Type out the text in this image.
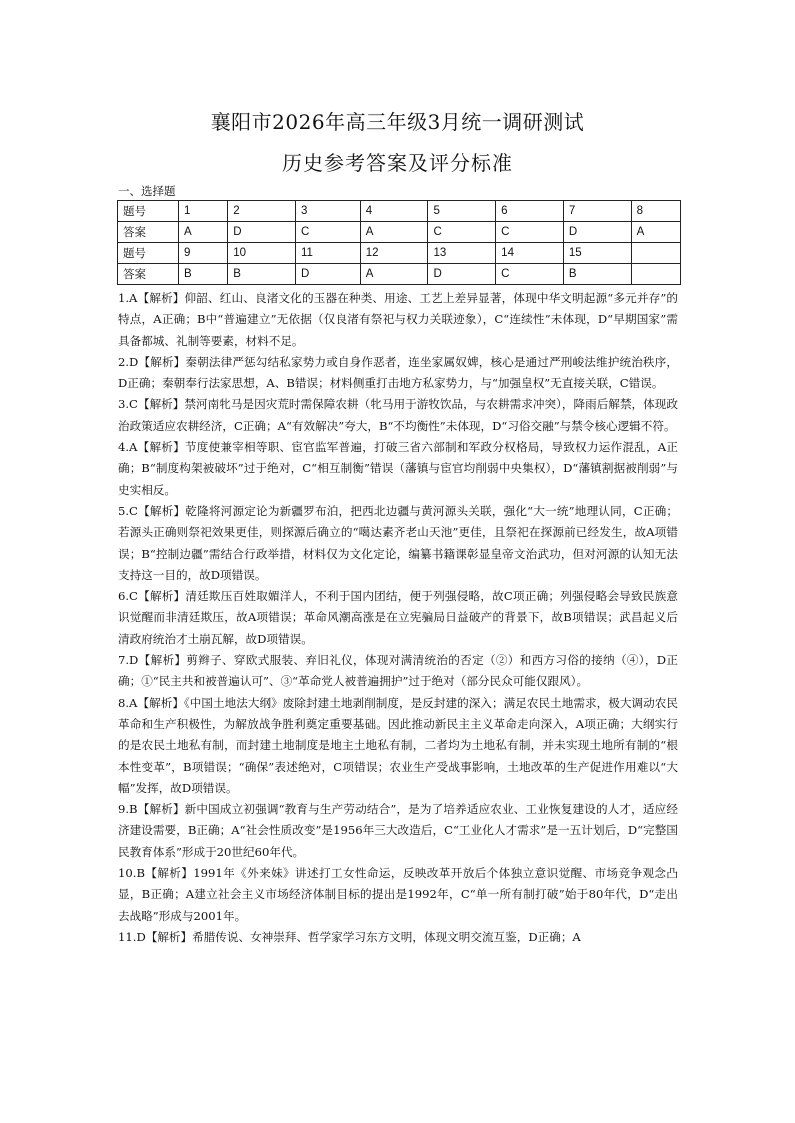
襄阳市2026年高三年级3月统一调研测试
历史参考答案及评分标准
一、选择题
题号	1	2	3	4	5	6	7	8
答案	A	D	C	A	C	C	D	A
题号	9	10	11	12	13	14	15	
答案	B	B	D	A	D	C	B	

1.A【解析】仰韶、红山、良渚文化的玉器在种类、用途、工艺上差异显著，体现中华文明起源“多元并存”的特点，A正确；B中“普遍建立”无依据（仅良渚有祭祀与权力关联迹象），C“连续性”未体现，D“早期国家”需具备都城、礼制等要素，材料不足。

2.D【解析】秦朝法律严惩勾结私家势力或自身作恶者，连坐家属奴婢，核心是通过严刑峻法维护统治秩序，D正确；秦朝奉行法家思想，A、B错误；材料侧重打击地方私家势力，与“加强皇权”无直接关联，C错误。

3.C【解析】禁河南牝马是因灾荒时需保障农耕（牝马用于游牧饮品，与农耕需求冲突），降雨后解禁，体现政治政策适应农耕经济，C正确；A“有效解决”夸大，B“不均衡性”未体现，D“习俗交融”与禁令核心逻辑不符。

4.A【解析】节度使兼宰相等职、宦官监军普遍，打破三省六部制和军政分权格局，导致权力运作混乱，A正确；B“制度构架被破坏”过于绝对，C“相互制衡”错误（藩镇与宦官均削弱中央集权），D“藩镇割据被削弱”与史实相反。

5.C【解析】乾隆将河源定论为新疆罗布泊，把西北边疆与黄河源头关联，强化“大一统”地理认同，C正确；若源头正确则祭祀效果更佳，则探源后确立的“噶达素齐老山天池”更佳，且祭祀在探源前已经发生，故A项错误；B“控制边疆”需结合行政举措，材料仅为文化定论，编纂书籍课彰显皇帝文治武功，但对河源的认知无法支持这一目的，故D项错误。

6.C【解析】清廷欺压百姓取媚洋人，不利于国内团结，便于列强侵略，故C项正确；列强侵略会导致民族意识觉醒而非清廷欺压，故A项错误；革命风潮高涨是在立宪骗局日益破产的背景下，故B项错误；武昌起义后清政府统治才土崩瓦解，故D项错误。

7.D【解析】剪辫子、穿欧式服装、弃旧礼仪，体现对满清统治的否定（②）和西方习俗的接纳（④），D正确；①“民主共和被普遍认可”、③“革命党人被普遍拥护”过于绝对（部分民众可能仅跟风）。

8.A【解析】《中国土地法大纲》废除封建土地剥削制度，是反封建的深入；满足农民土地需求，极大调动农民革命和生产积极性，为解放战争胜利奠定重要基础。因此推动新民主主义革命走向深入，A项正确；大纲实行的是农民土地私有制，而封建土地制度是地主土地私有制，二者均为土地私有制，并未实现土地所有制的“根本性变革”，B项错误；“确保”表述绝对，C项错误；农业生产受战事影响，土地改革的生产促进作用难以“大幅”发挥，故D项错误。

9.B【解析】新中国成立初强调“教育与生产劳动结合”，是为了培养适应农业、工业恢复建设的人才，适应经济建设需要，B正确；A“社会性质改变”是1956年三大改造后，C“工业化人才需求”是一五计划后，D“完整国民教育体系”形成于20世纪60年代。

10.B【解析】1991年《外来妹》讲述打工女性命运，反映改革开放后个体独立意识觉醒、市场竞争观念凸显，B正确；A建立社会主义市场经济体制目标的提出是1992年，C“单一所有制打破”始于80年代，D“走出去战略”形成与2001年。

11.D【解析】希腊传说、女神崇拜、哲学家学习东方文明，体现文明交流互鉴，D正确；A
